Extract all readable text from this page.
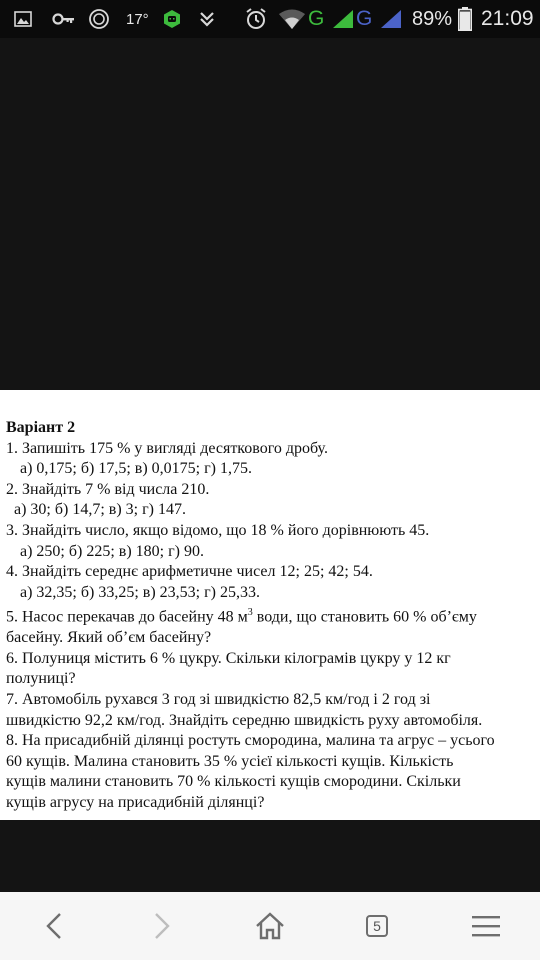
17°	G G 89% 21:09
Варіант 2
1. Запишіть 175 % у вигляді десяткового дробу.
а) 0,175; б) 17,5; в) 0,0175; г) 1,75.
2. Знайдіть 7 % від числа 210.
а) 30; б) 14,7; в) 3; г) 147.
3. Знайдіть число, якщо відомо, що 18 % його дорівнюють 45.
а) 250; б) 225; в) 180; г) 90.
4. Знайдіть середнє арифметичне чисел 12; 25; 42; 54.
а) 32,35; б) 33,25; в) 23,53; г) 25,33.
5. Насос перекачав до басейну 48 $м^3$ води, що становить 60 % об’єму
басейну. Який об’єм басейну?
6. Полуниця містить 6 % цукру. Скільки кілограмів цукру у 12 кг
полуниці?
7. Автомобіль рухався 3 год зі швидкістю 82,5 км/год і 2 год зі
швидкістю 92,2 км/год. Знайдіть середню швидкість руху автомобіля.
8. На присадибній ділянці ростуть смородина, малина та агрус – усього
60 кущів. Малина становить 35 % усієї кількості кущів. Кількість
кущів малини становить 70 % кількості кущів смородини. Скільки
кущів агрусу на присадибній ділянці?
5
